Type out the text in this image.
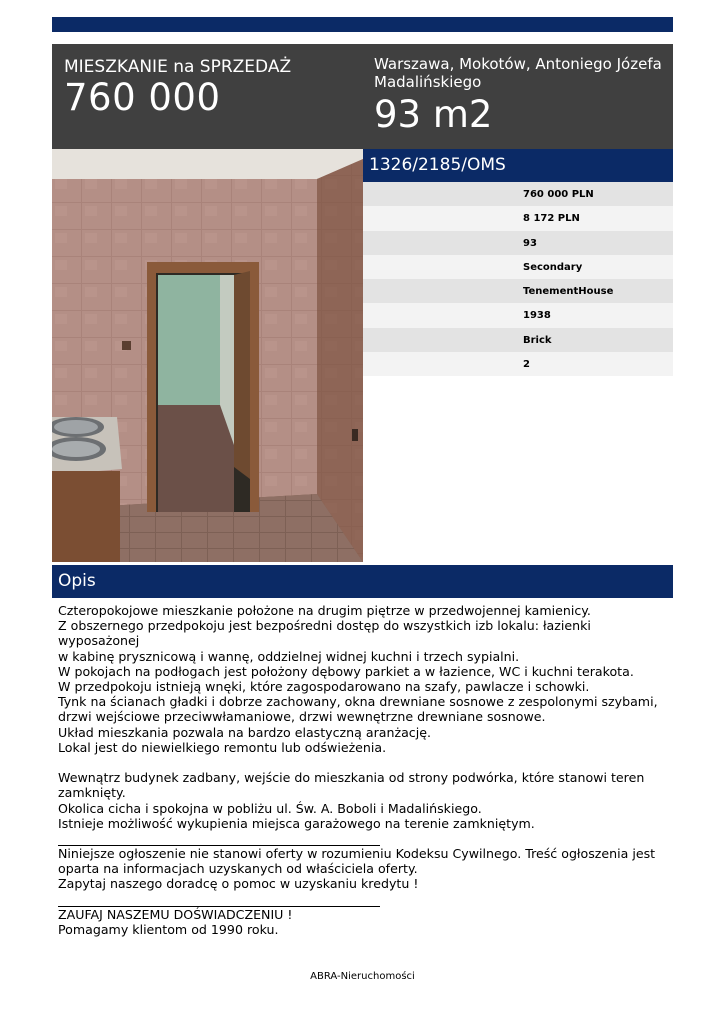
MIESZKANIE na SPRZEDAŻ
760 000
Warszawa, Mokotów, Antoniego Józefa Madalińskiego
93 m2
1326/2185/OMS
760 000 PLN
8 172 PLN
93
Secondary
TenementHouse
1938
Brick
2
Opis

Czteropokojowe mieszkanie położone na drugim piętrze w przedwojennej kamienicy.

Z obszernego przedpokoju jest bezpośredni dostęp do wszystkich izb lokalu: łazienki wyposażonej

w kabinę prysznicową i wannę, oddzielnej widnej kuchni i trzech sypialni.

W pokojach na podłogach jest położony dębowy parkiet a w łazience, WC i kuchni terakota.

W przedpokoju istnieją wnęki, które zagospodarowano na szafy, pawlacze i schowki.

Tynk na ścianach gładki i dobrze zachowany, okna drewniane sosnowe z zespolonymi szybami,

drzwi wejściowe przeciwwłamaniowe, drzwi wewnętrzne drewniane sosnowe.

Układ mieszkania pozwala na bardzo elastyczną aranżację.

Lokal jest do niewielkiego remontu lub odświeżenia.

Wewnątrz budynek zadbany, wejście do mieszkania od strony podwórka, które stanowi teren

zamknięty.

Okolica cicha i spokojna w pobliżu ul. Św. A. Boboli i Madalińskiego.

Istnieje możliwość wykupienia miejsca garażowego na terenie zamkniętym.

Niniejsze ogłoszenie nie stanowi oferty w rozumieniu Kodeksu Cywilnego. Treść ogłoszenia jest

oparta na informacjach uzyskanych od właściciela oferty.

Zapytaj naszego doradcę o pomoc w uzyskaniu kredytu !

ZAUFAJ NASZEMU DOŚWIADCZENIU !

Pomagamy klientom od 1990 roku.

ABRA-Nieruchomości
